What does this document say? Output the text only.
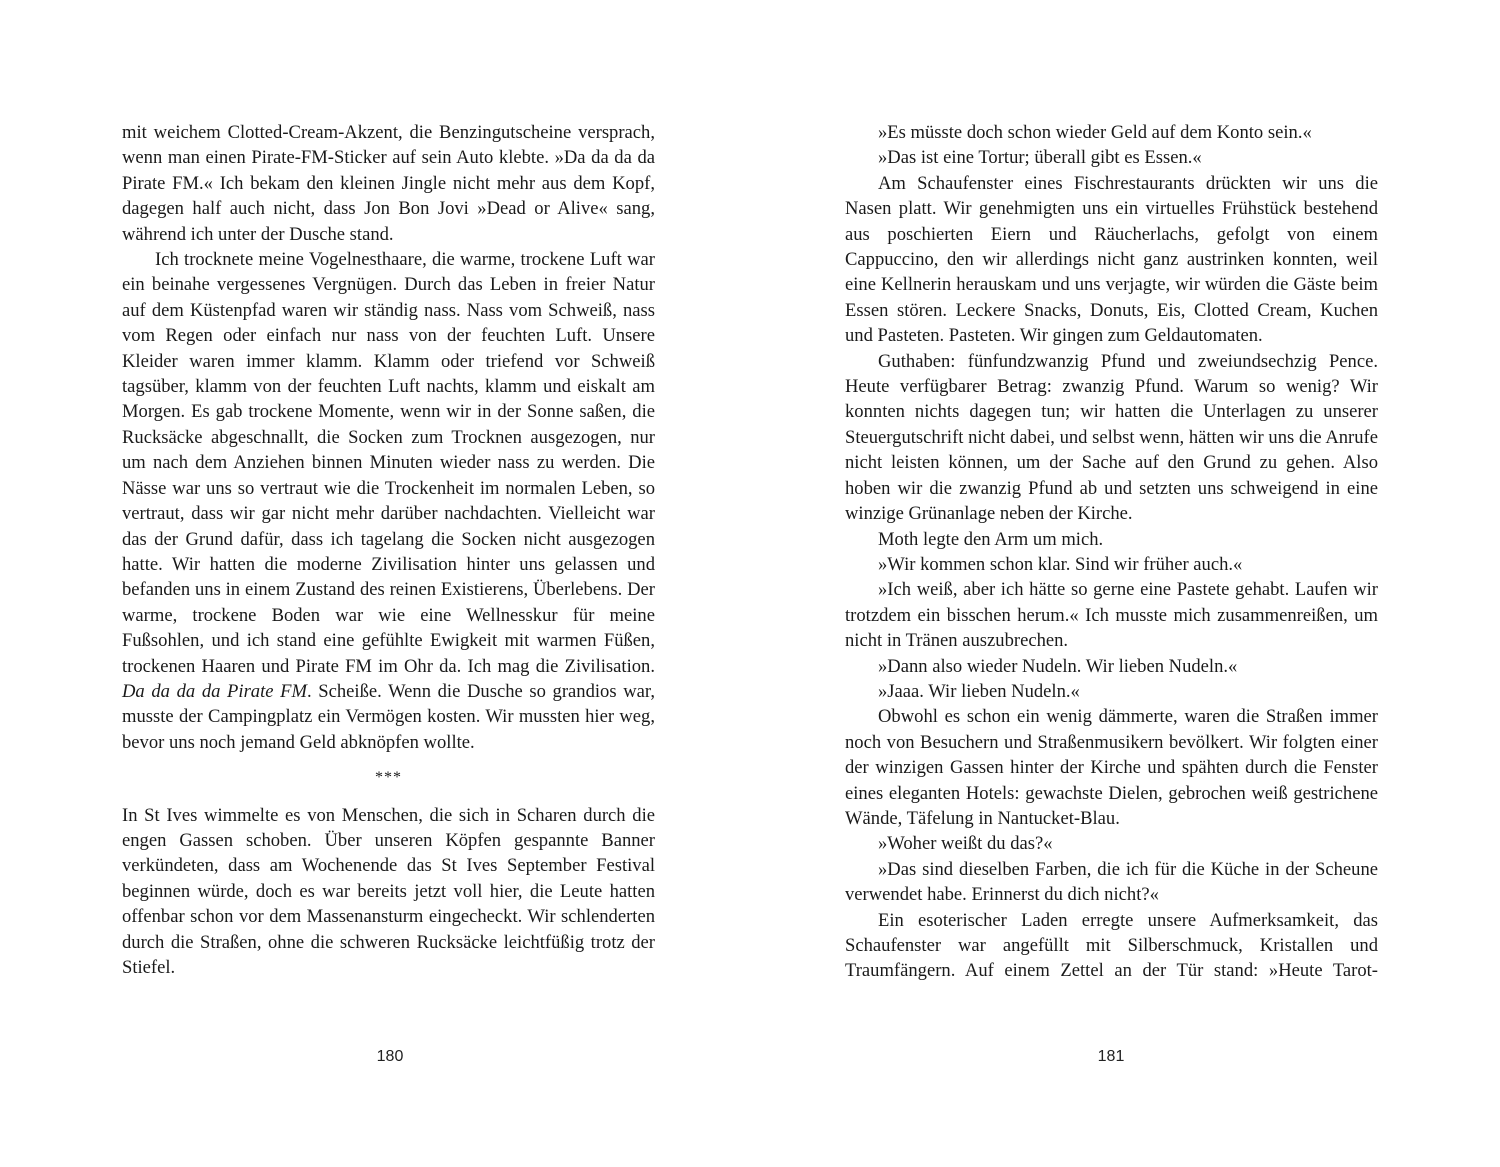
mit weichem Clotted-Cream-Akzent, die Benzingutscheine versprach, wenn man einen Pirate-FM-Sticker auf sein Auto klebte. »Da da da da Pirate FM.« Ich bekam den kleinen Jingle nicht mehr aus dem Kopf, dagegen half auch nicht, dass Jon Bon Jovi »Dead or Alive« sang, während ich unter der Dusche stand.

Ich trocknete meine Vogelnesthaare, die warme, trockene Luft war ein beinahe vergessenes Vergnügen. Durch das Leben in freier Natur auf dem Küstenpfad waren wir ständig nass. Nass vom Schweiß, nass vom Regen oder einfach nur nass von der feuchten Luft. Unsere Kleider waren immer klamm. Klamm oder triefend vor Schweiß tagsüber, klamm von der feuchten Luft nachts, klamm und eiskalt am Morgen. Es gab trockene Momente, wenn wir in der Sonne saßen, die Rucksäcke abgeschnallt, die Socken zum Trocknen ausgezogen, nur um nach dem Anziehen binnen Minuten wieder nass zu werden. Die Nässe war uns so vertraut wie die Trockenheit im normalen Leben, so vertraut, dass wir gar nicht mehr darüber nachdachten. Vielleicht war das der Grund dafür, dass ich tagelang die Socken nicht ausgezogen hatte. Wir hatten die moderne Zivilisation hinter uns gelassen und befanden uns in einem Zustand des reinen Existierens, Überlebens. Der warme, trockene Boden war wie eine Wellnesskur für meine Fußsohlen, und ich stand eine gefühlte Ewigkeit mit warmen Füßen, trockenen Haaren und Pirate FM im Ohr da. Ich mag die Zivilisation. Da da da da Pirate FM. Scheiße. Wenn die Dusche so grandios war, musste der Campingplatz ein Vermögen kosten. Wir mussten hier weg, bevor uns noch jemand Geld abknöpfen wollte.

***

In St Ives wimmelte es von Menschen, die sich in Scharen durch die engen Gassen schoben. Über unseren Köpfen gespannte Banner verkündeten, dass am Wochenende das St Ives September Festival beginnen würde, doch es war bereits jetzt voll hier, die Leute hatten offenbar schon vor dem Massenansturm eingecheckt. Wir schlenderten durch die Straßen, ohne die schweren Rucksäcke leichtfüßig trotz der Stiefel.

»Es müsste doch schon wieder Geld auf dem Konto sein.«

»Das ist eine Tortur; überall gibt es Essen.«

Am Schaufenster eines Fischrestaurants drückten wir uns die Nasen platt. Wir genehmigten uns ein virtuelles Frühstück bestehend aus poschierten Eiern und Räucherlachs, gefolgt von einem Cappuccino, den wir allerdings nicht ganz austrinken konnten, weil eine Kellnerin herauskam und uns verjagte, wir würden die Gäste beim Essen stören. Leckere Snacks, Donuts, Eis, Clotted Cream, Kuchen und Pasteten. Pasteten. Wir gingen zum Geldautomaten.

Guthaben: fünfundzwanzig Pfund und zweiundsechzig Pence. Heute verfügbarer Betrag: zwanzig Pfund. Warum so wenig? Wir konnten nichts dagegen tun; wir hatten die Unterlagen zu unserer Steuergutschrift nicht dabei, und selbst wenn, hätten wir uns die Anrufe nicht leisten können, um der Sache auf den Grund zu gehen. Also hoben wir die zwanzig Pfund ab und setzten uns schweigend in eine winzige Grünanlage neben der Kirche.

Moth legte den Arm um mich.

»Wir kommen schon klar. Sind wir früher auch.«

»Ich weiß, aber ich hätte so gerne eine Pastete gehabt. Laufen wir trotzdem ein bisschen herum.« Ich musste mich zusammenreißen, um nicht in Tränen auszubrechen.

»Dann also wieder Nudeln. Wir lieben Nudeln.«

»Jaaa. Wir lieben Nudeln.«

Obwohl es schon ein wenig dämmerte, waren die Straßen immer noch von Besuchern und Straßenmusikern bevölkert. Wir folgten einer der winzigen Gassen hinter der Kirche und spähten durch die Fenster eines eleganten Hotels: gewachste Dielen, gebrochen weiß gestrichene Wände, Täfelung in Nantucket-Blau.

»Woher weißt du das?«

»Das sind dieselben Farben, die ich für die Küche in der Scheune verwendet habe. Erinnerst du dich nicht?«

Ein esoterischer Laden erregte unsere Aufmerksamkeit, das Schaufenster war angefüllt mit Silberschmuck, Kristallen und Traumfängern. Auf einem Zettel an der Tür stand: »Heute Tarot-

180	181
